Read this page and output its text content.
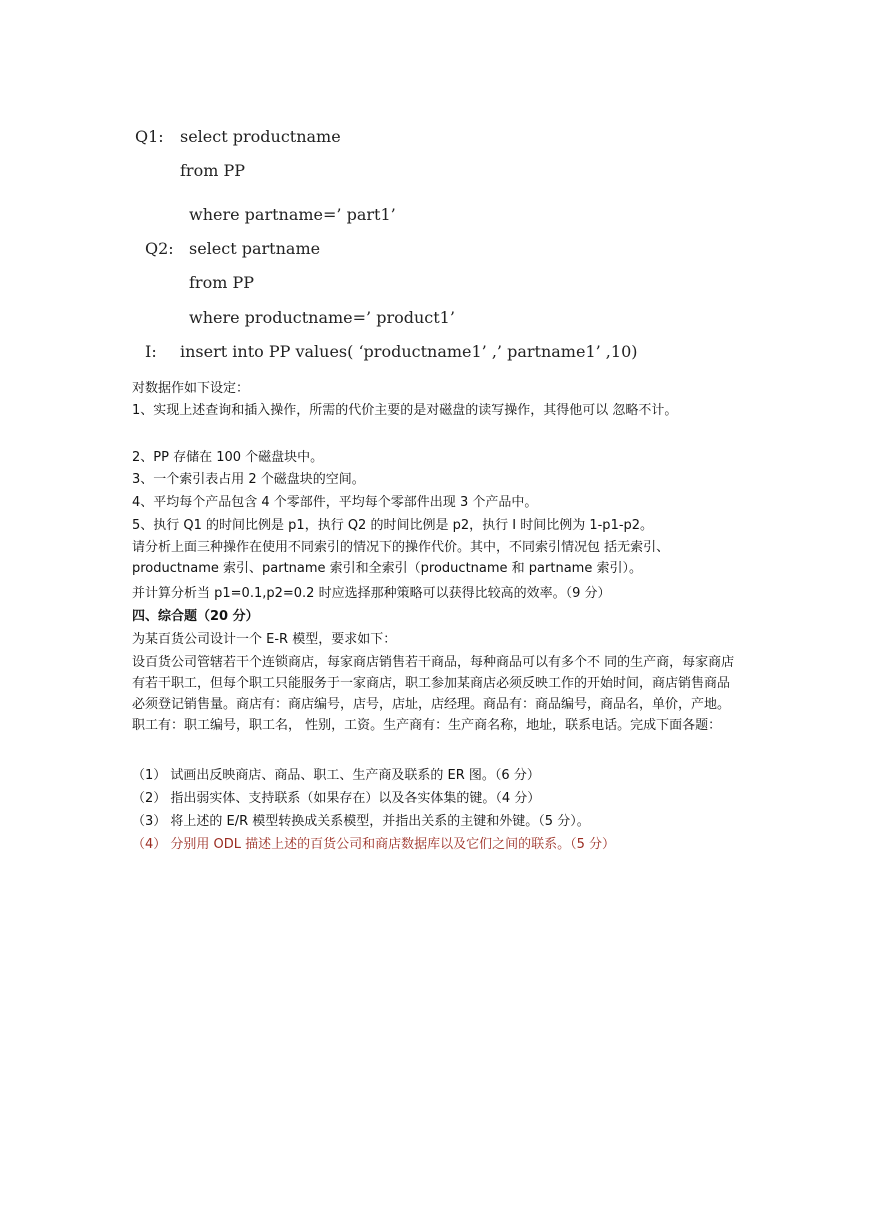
Q1: select productname
from PP
where partname=’ part1’
Q2: select partname
from PP
where productname=’ product1’
I: insert into PP values( ‘productname1’ ,’ partname1’ ,10)
对数据作如下设定：
1、实现上述查询和插入操作，所需的代价主要的是对磁盘的读写操作，其得他可以 忽略不计。
2、PP 存储在 100 个磁盘块中。
3、一个索引表占用 2 个磁盘块的空间。
4、平均每个产品包含 4 个零部件，平均每个零部件出现 3 个产品中。
5、执行 Q1 的时间比例是 p1，执行 Q2 的时间比例是 p2，执行 I 时间比例为 1-p1-p2。
请分析上面三种操作在使用不同索引的情况下的操作代价。其中，不同索引情况包 括无索引、productname 索引、partname 索引和全索引（productname 和 partname 索引）。
并计算分析当 p1=0.1,p2=0.2 时应选择那种策略可以获得比较高的效率。（9 分）
四、综合题（20 分）
为某百货公司设计一个 E-R 模型，要求如下：
设百货公司管辖若干个连锁商店，每家商店销售若干商品，每种商品可以有多个不 同的生产商，每家商店有若干职工，但每个职工只能服务于一家商店，职工参加某商店必须反映工作的开始时间，商店销售商品必须登记销售量。商店有：商店编号，店号，店址，店经理。商品有：商品编号，商品名，单价，产地。职工有：职工编号，职工名， 性别，工资。生产商有：生产商名称，地址，联系电话。完成下面各题：
（1） 试画出反映商店、商品、职工、生产商及联系的 ER 图。（6 分）
（2） 指出弱实体、支持联系（如果存在）以及各实体集的键。（4 分）
（3） 将上述的 E/R 模型转换成关系模型，并指出关系的主键和外键。（5 分）。
（4） 分别用 ODL 描述上述的百货公司和商店数据库以及它们之间的联系。（5 分）
